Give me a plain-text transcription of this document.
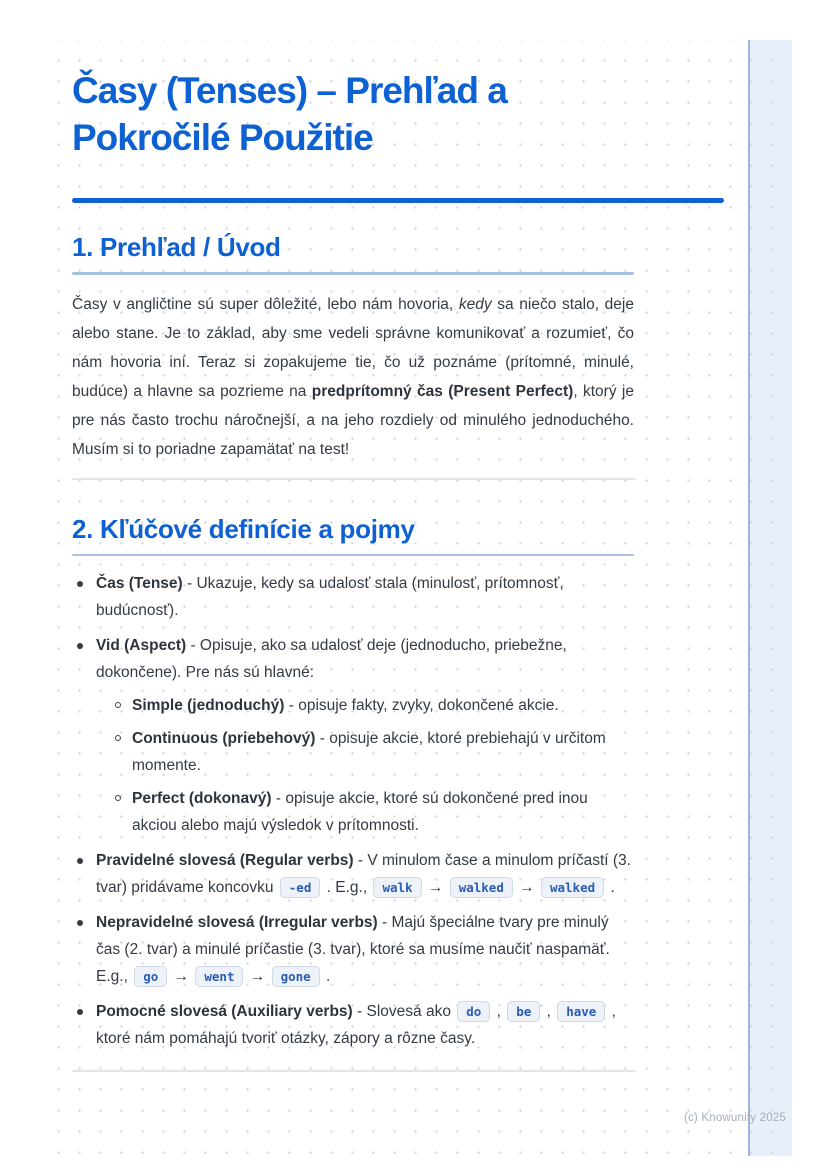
Časy (Tenses) – Prehľad a Pokročilé Použitie
1. Prehľad / Úvod

Časy v angličtine sú super dôležité, lebo nám hovoria, kedy sa niečo stalo, deje alebo stane. Je to základ, aby sme vedeli správne komunikovať a rozumieť, čo nám hovoria iní. Teraz si zopakujeme tie, čo už poznáme (prítomné, minulé, budúce) a hlavne sa pozrieme na predprítomný čas (Present Perfect), ktorý je pre nás často trochu náročnejší, a na jeho rozdiely od minulého jednoduchého. Musím si to poriadne zapamätať na test!

2. Kľúčové definície a pojmy
Čas (Tense) - Ukazuje, kedy sa udalosť stala (minulosť, prítomnosť, budúcnosť).
Vid (Aspect) - Opisuje, ako sa udalosť deje (jednoducho, priebežne, dokončene). Pre nás sú hlavné:
Simple (jednoduchý) - opisuje fakty, zvyky, dokončené akcie.
Continuous (priebehový) - opisuje akcie, ktoré prebiehajú v určitom momente.
Perfect (dokonavý) - opisuje akcie, ktoré sú dokončené pred inou akciou alebo majú výsledok v prítomnosti.
Pravidelné slovesá (Regular verbs) - V minulom čase a minulom príčastí (3. tvar) pridávame koncovku -ed . E.g., walk → walked → walked .
Nepravidelné slovesá (Irregular verbs) - Majú špeciálne tvary pre minulý čas (2. tvar) a minulé príčastie (3. tvar), ktoré sa musíme naučiť naspamäť. E.g., go → went → gone .
Pomocné slovesá (Auxiliary verbs) - Slovesá ako do , be , have , ktoré nám pomáhajú tvoriť otázky, zápory a rôzne časy.
(c) Knowunity 2025
